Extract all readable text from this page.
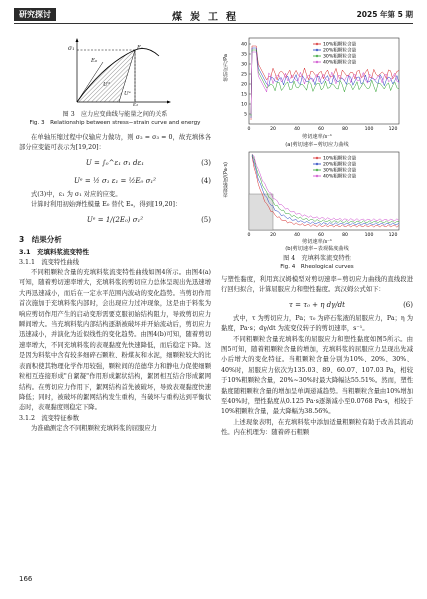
研究探讨	煤炭工程	2025 年第 5 期
σ₁
E₀
Eᵤ
Uᵈ
Uᵉ
ε₁
图 3　应力应变曲线与能量之间的关系
Fig. 3　Relationship between stress−strain curve and energy
在单轴压缩过程中仪输应力做功，则 σ₂ = σ₃ = 0，故充填体各部分应变能可表示为[19,20]：
U = ∫₀^ε₁ σ₁ dε₁	(3)
Uᵉ = ½ σ₁ ε₁ = ½E₀ σ₁²	(4)
式(3)中，ε₁ 为 σ₁ 对应的应变。
计算时利用初始弹性模量 E₀ 替代 Eᵤ，得到[19,20]：
Uᵉ = 1/(2E₀) σ₁²	(5)
3　结果分析
3.1　充填料浆流变特性
3.1.1　流变特性曲线
不同粗颗粒含量的充填料浆流变特性曲线如图4所示。由图4(a)可知，随着剪切速率增大，充填料浆的剪切应力总体呈现出先迅速增大再迅速减小，而后在一定水平范围内波动的变化趋势。当剪切作用首次施加于充填料浆内部时，会出现应力过冲现象，这是由于料浆为响应剪切作用产生的启动变形需要克服初始结构阻力，导致剪切应力瞬间增大。当充填料浆内部结构逐渐被破坏并开始流动后，剪切应力迅速减小，并演化为近似线性的变化趋势。由图4(b)可知，随着剪切速率增大，不同充填料浆的表观黏度先快速降低，而后稳定下降。这是因为料浆中含有较多细碎石颗粒、粉煤灰和水泥，细颗粒较大的比表面积使其物理化学作用较强，颗粒间的范德华力和静电力促使细颗粒相互连接形成"自絮凝"作用形成絮状结构，絮团相互结合形成絮网结构。在剪切应力作用下，絮网结构首先被破坏，导致表观黏度快速降低；同时，被破坏的絮网结构发生重构，当破坏与重构达到平衡状态时，表观黏度则稳定下降。
3.1.2　流变特征参数
为准确测定含不同粗颗粒充填料浆的屈服应力
40
35
30
25
20
15
10
5
0	20	40	60	80	100	120
10%粗颗粒含量
20%粗颗粒含量
30%粗颗粒含量
40%粗颗粒含量
0	20	40	60	80	100	120
10%粗颗粒含量
20%粗颗粒含量
30%粗颗粒含量
40%粗颗粒含量
剪切应力/Pa
剪切速率/s⁻¹
(a)剪切速率−剪切应力曲线
表观黏度/(Pa·s)
剪切速率/s⁻¹
(b)剪切速率−表观黏度曲线
图 4　充填料浆流变特性
Fig. 4　Rheological curves
与塑性黏度，利用宾汉姆模型对剪切速率−剪切应力曲线的直线段进行回归拟合，计算屈服应力和塑性黏度。宾汉姆公式如下：
τ = τ₀ + η dγ/dt	(6)
式中，τ 为剪切应力，Pa；τ₀ 为碎石浆液的屈服应力，Pa；η 为黏度，Pa·s；dγ/dt 为流变仪转子的剪切速率，s⁻¹。
不同粗颗粒含量充填料浆的屈服应力和塑性黏度如图5所示。由图5可知，随着粗颗粒含量的增加，充填料浆的屈服应力呈现出先减小后增大的变化特征。当粗颗粒含量分别为10%、20%、30%、40%时，屈服应力依次为135.03、89、60.07、107.03 Pa，相较于10%粗颗粒含量，20%~30%时最大降幅达55.51%。然而，塑性黏度随粗颗粒含量的增加呈单调递减趋势。当粗颗粒含量由10%增加至40%时，塑性黏度从0.125 Pa·s逐渐减小至0.0768 Pa·s，相较于10%粗颗粒含量，最大降幅为38.56%。
上述现象表明，在充填料浆中添加适量粗颗粒有助于改善其流动性。内在机理为：随着碎石粗颗
166
